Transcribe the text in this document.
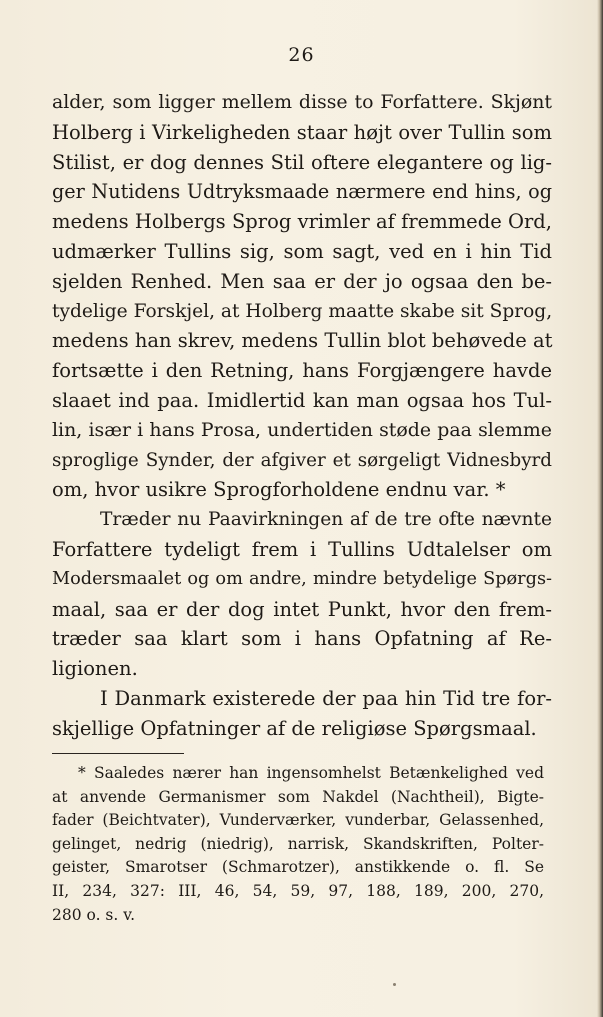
26
alder, som ligger mellem disse to Forfattere. Skjønt
Holberg i Virkeligheden staar højt over Tullin som
Stilist, er dog dennes Stil oftere elegantere og lig-
ger Nutidens Udtryksmaade nærmere end hins, og
medens Holbergs Sprog vrimler af fremmede Ord,
udmærker Tullins sig, som sagt, ved en i hin Tid
sjelden Renhed. Men saa er der jo ogsaa den be-
tydelige Forskjel, at Holberg maatte skabe sit Sprog,
medens han skrev, medens Tullin blot behøvede at
fortsætte i den Retning, hans Forgjængere havde
slaaet ind paa. Imidlertid kan man ogsaa hos Tul-
lin, især i hans Prosa, undertiden støde paa slemme
sproglige Synder, der afgiver et sørgeligt Vidnesbyrd
om, hvor usikre Sprogforholdene endnu var. *
Træder nu Paavirkningen af de tre ofte nævnte
Forfattere tydeligt frem i Tullins Udtalelser om
Modersmaalet og om andre, mindre betydelige Spørgs-
maal, saa er der dog intet Punkt, hvor den frem-
træder saa klart som i hans Opfatning af Re-
ligionen.
I Danmark existerede der paa hin Tid tre for-
skjellige Opfatninger af de religiøse Spørgsmaal.
* Saaledes nærer han ingensomhelst Betænkelighed ved
at anvende Germanismer som Nakdel (Nachtheil), Bigte-
fader (Beichtvater), Vunderværker, vunderbar, Gelassenhed,
gelinget, nedrig (niedrig), narrisk, Skandskriften, Polter-
geister, Smarotser (Schmarotzer), anstikkende o. fl. Se
II, 234, 327: III, 46, 54, 59, 97, 188, 189, 200, 270,
280 o. s. v.
